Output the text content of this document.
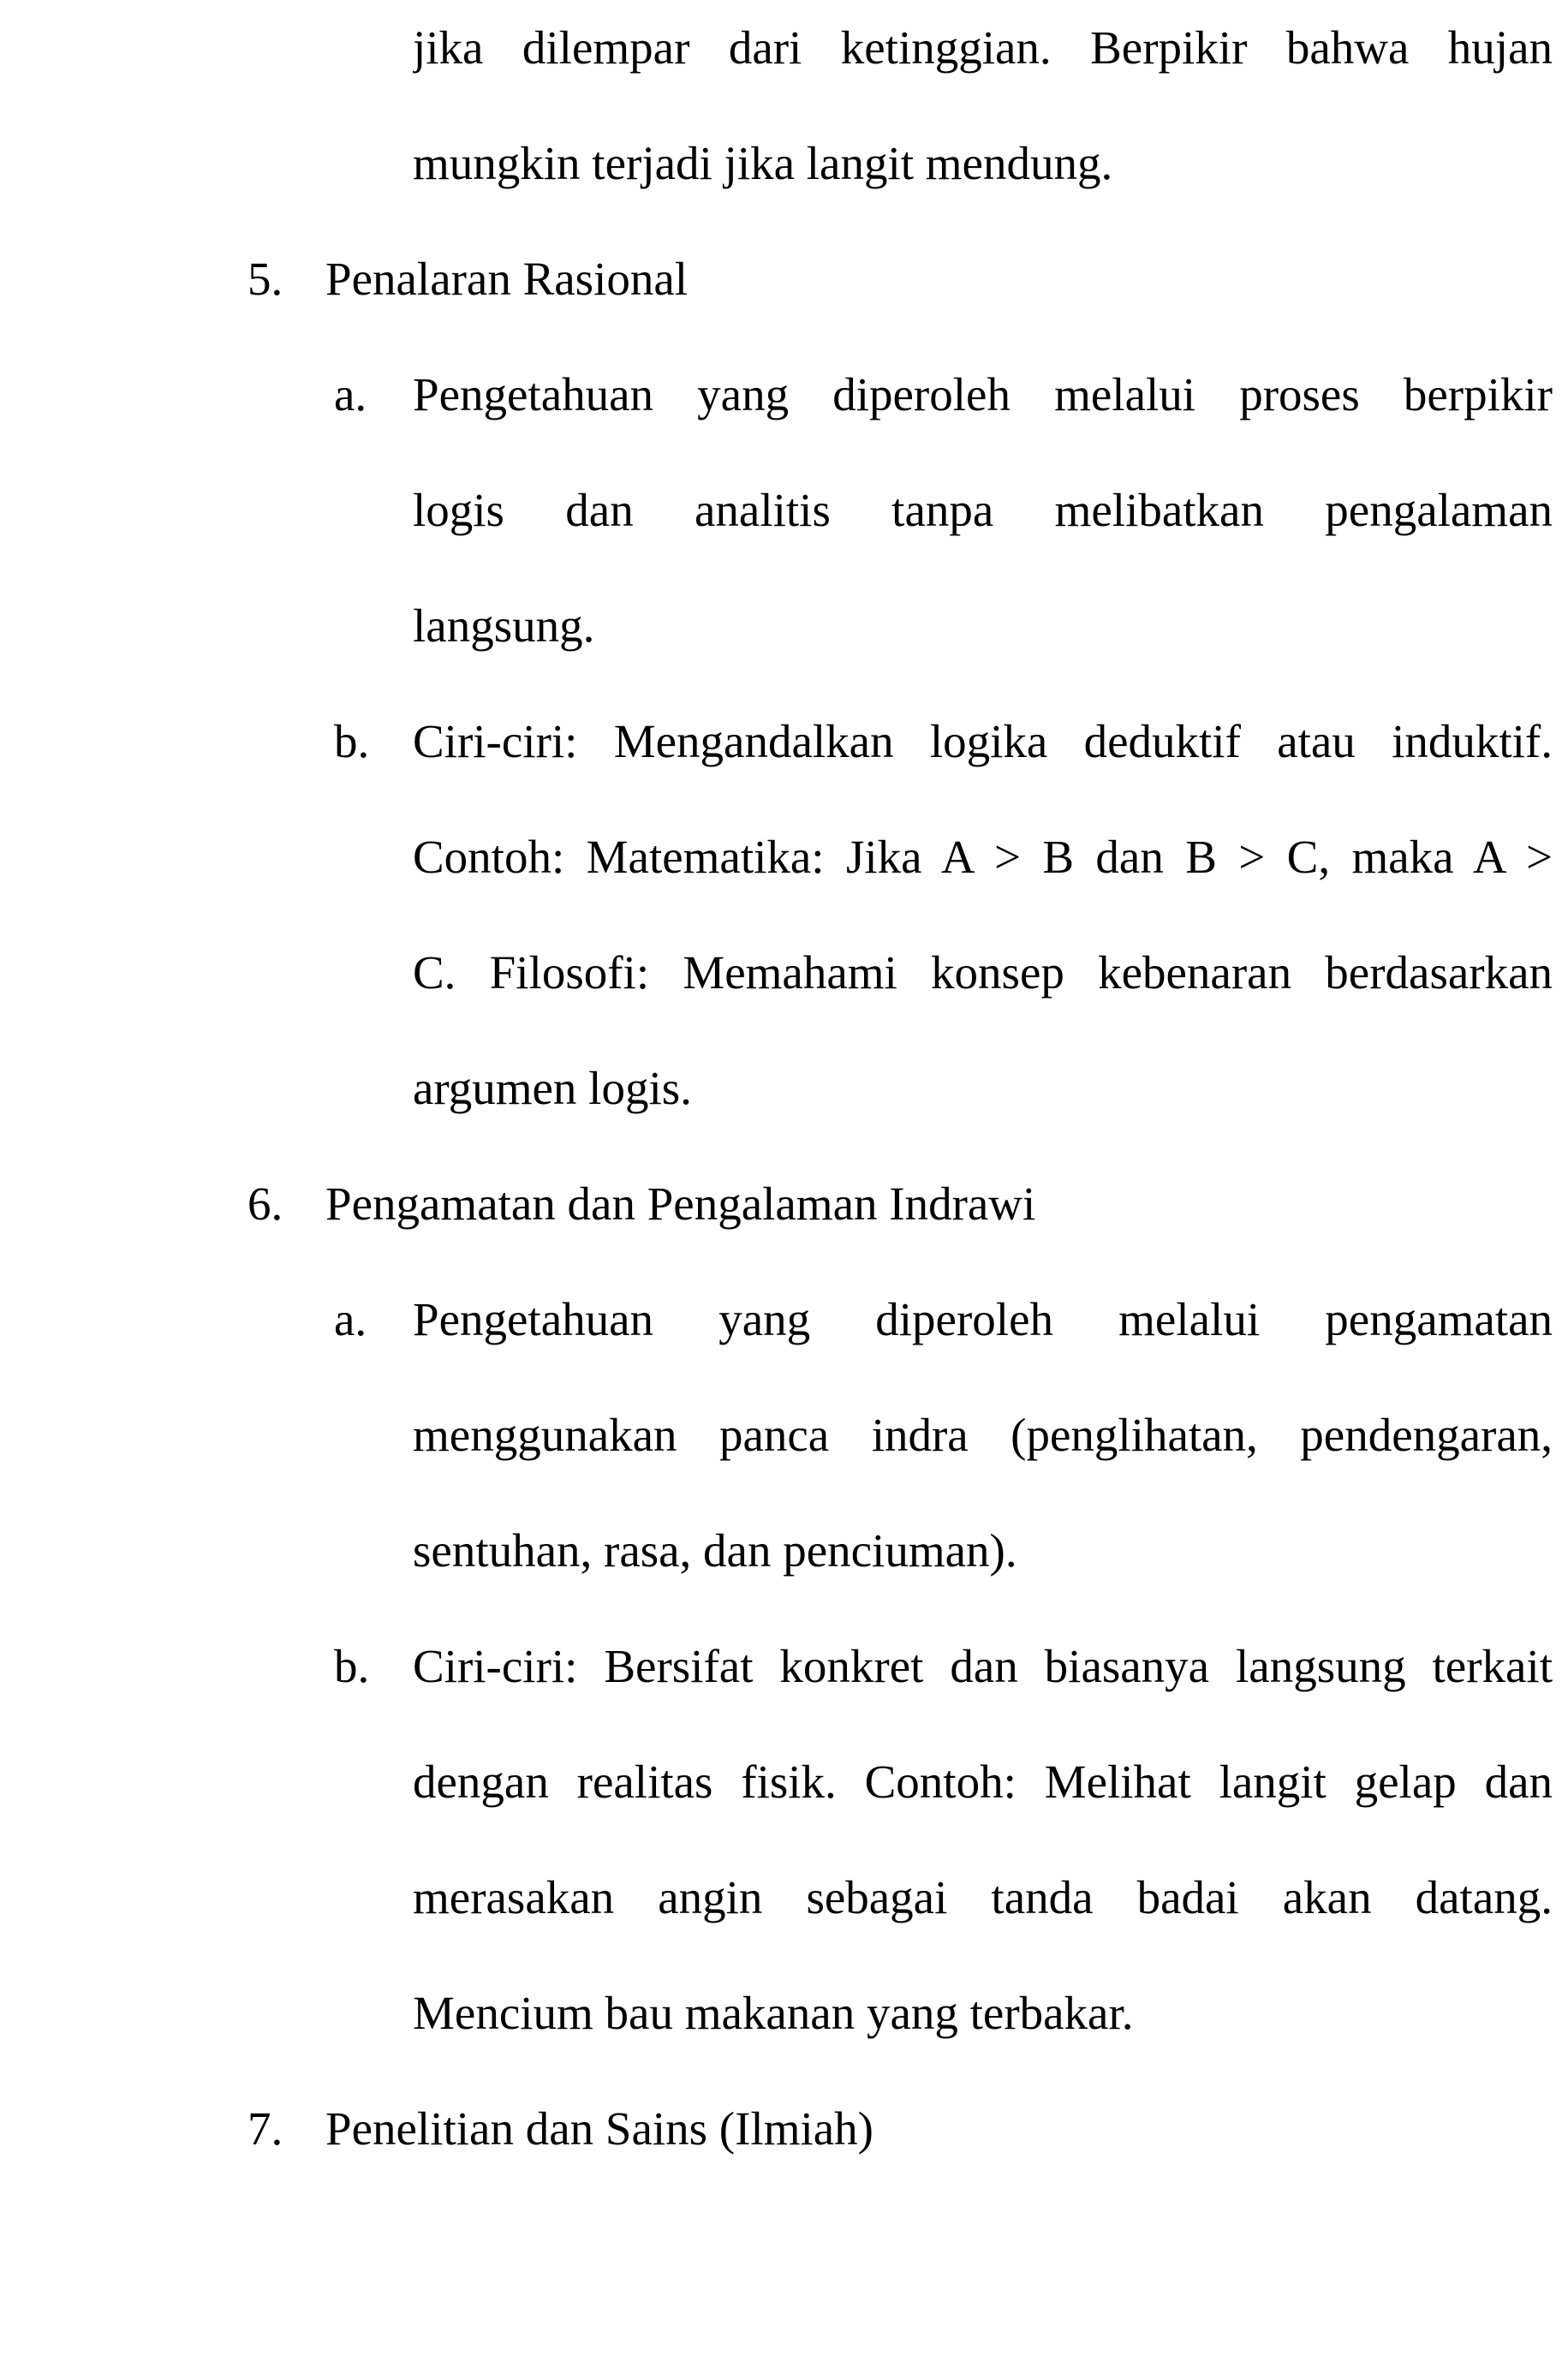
jika dilempar dari ketinggian. Berpikir bahwa hujan
mungkin terjadi jika langit mendung.
5. Penalaran Rasional
a. Pengetahuan yang diperoleh melalui proses berpikir
logis dan analitis tanpa melibatkan pengalaman
langsung.
b. Ciri-ciri: Mengandalkan logika deduktif atau induktif.
Contoh: Matematika: Jika A > B dan B > C, maka A >
C. Filosofi: Memahami konsep kebenaran berdasarkan
argumen logis.
6. Pengamatan dan Pengalaman Indrawi
a. Pengetahuan yang diperoleh melalui pengamatan
menggunakan panca indra (penglihatan, pendengaran,
sentuhan, rasa, dan penciuman).
b. Ciri-ciri: Bersifat konkret dan biasanya langsung terkait
dengan realitas fisik. Contoh: Melihat langit gelap dan
merasakan angin sebagai tanda badai akan datang.
Mencium bau makanan yang terbakar.
7. Penelitian dan Sains (Ilmiah)
